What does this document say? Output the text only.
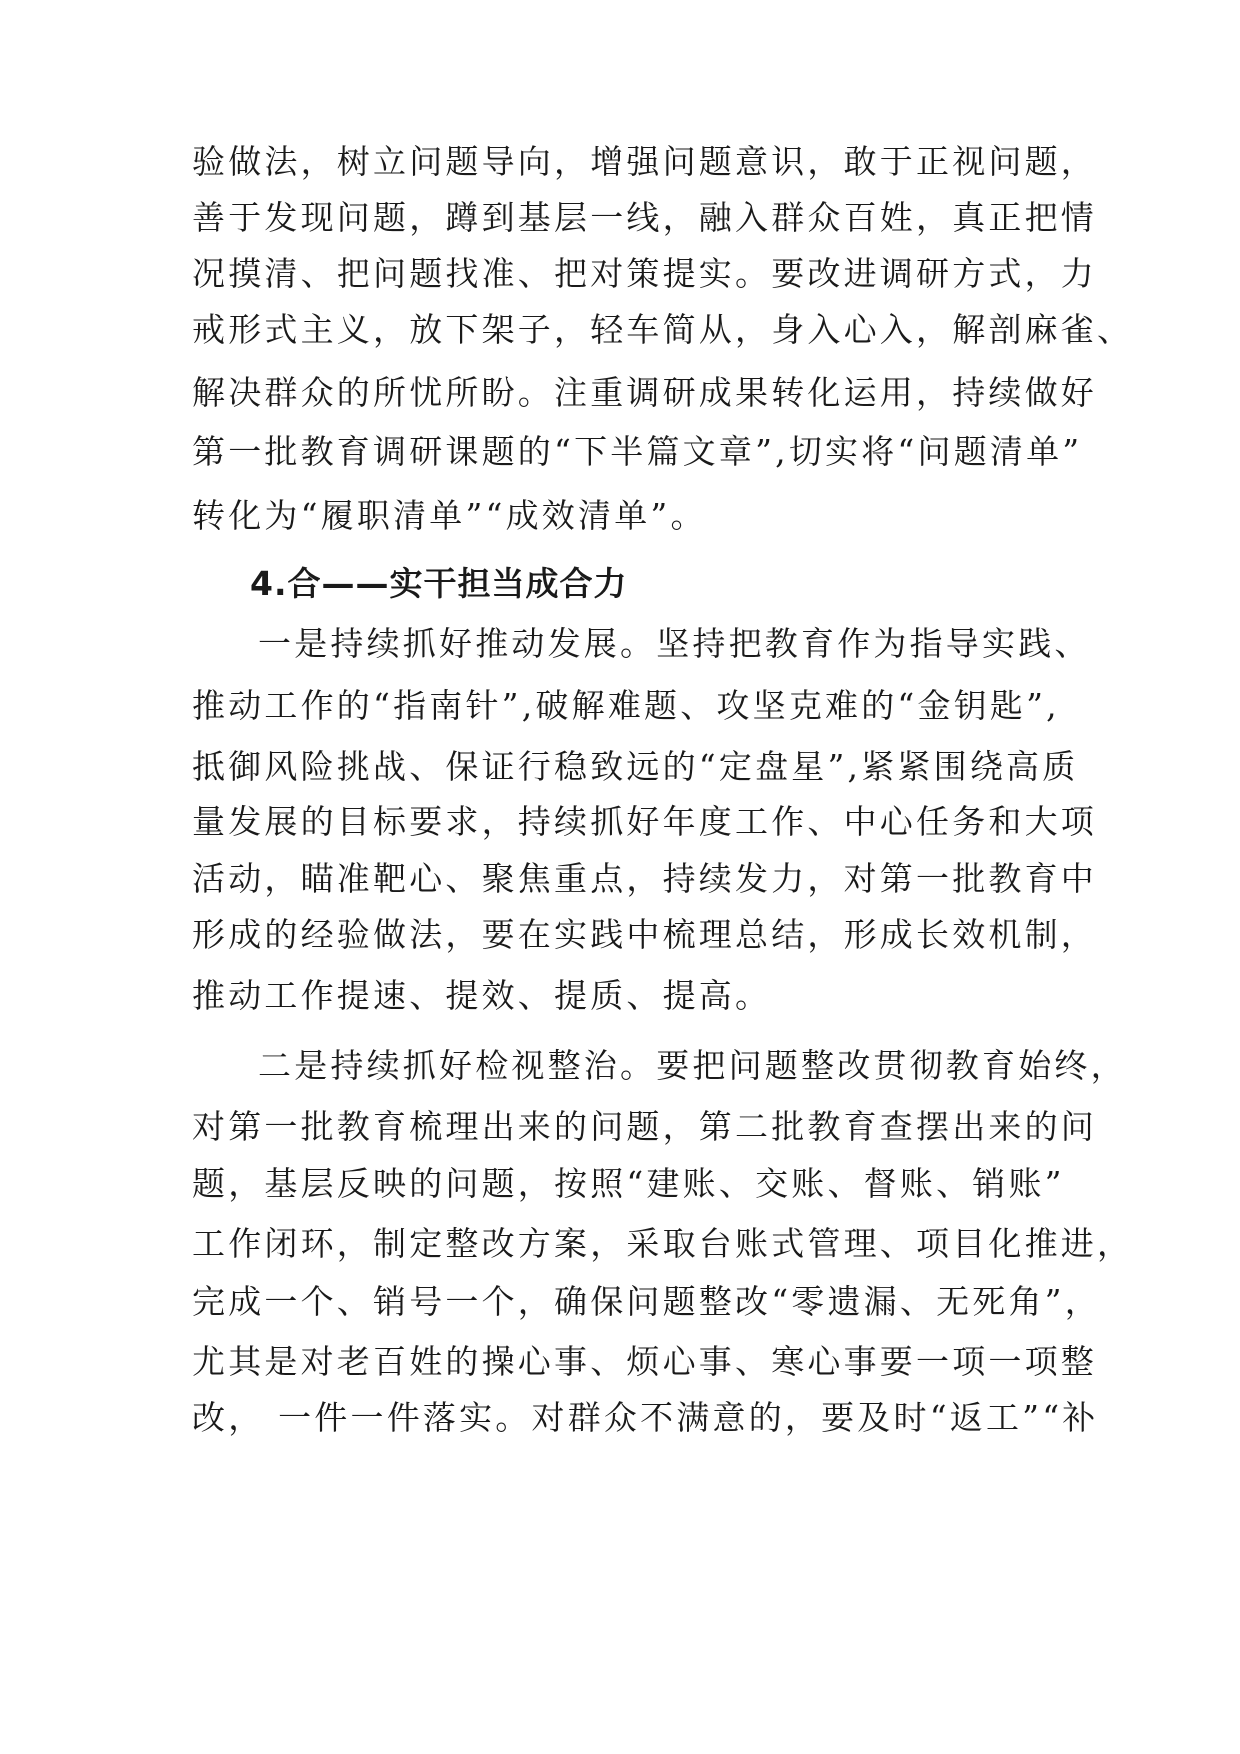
验做法，树立问题导向，增强问题意识，敢于正视问题，
善于发现问题，蹲到基层一线，融入群众百姓，真正把情
况摸清、把问题找准、把对策提实。要改进调研方式，力
戒形式主义，放下架子，轻车简从，身入心入，解剖麻雀、
解决群众的所忧所盼。注重调研成果转化运用，持续做好
第一批教育调研课题的“下半篇文章”,切实将“问题清单”
转化为“履职清单”“成效清单”。
4.合——实干担当成合力
一是持续抓好推动发展。坚持把教育作为指导实践、
推动工作的“指南针”,破解难题、攻坚克难的“金钥匙”,
抵御风险挑战、保证行稳致远的“定盘星”,紧紧围绕高质
量发展的目标要求，持续抓好年度工作、中心任务和大项
活动，瞄准靶心、聚焦重点，持续发力，对第一批教育中
形成的经验做法，要在实践中梳理总结，形成长效机制，
推动工作提速、提效、提质、提高。
二是持续抓好检视整治。要把问题整改贯彻教育始终，
对第一批教育梳理出来的问题，第二批教育查摆出来的问
题，基层反映的问题，按照“建账、交账、督账、销账”
工作闭环，制定整改方案，采取台账式管理、项目化推进，
完成一个、销号一个，确保问题整改“零遗漏、无死角”，
尤其是对老百姓的操心事、烦心事、寒心事要一项一项整
改， 一件一件落实。对群众不满意的，要及时“返工”“补
